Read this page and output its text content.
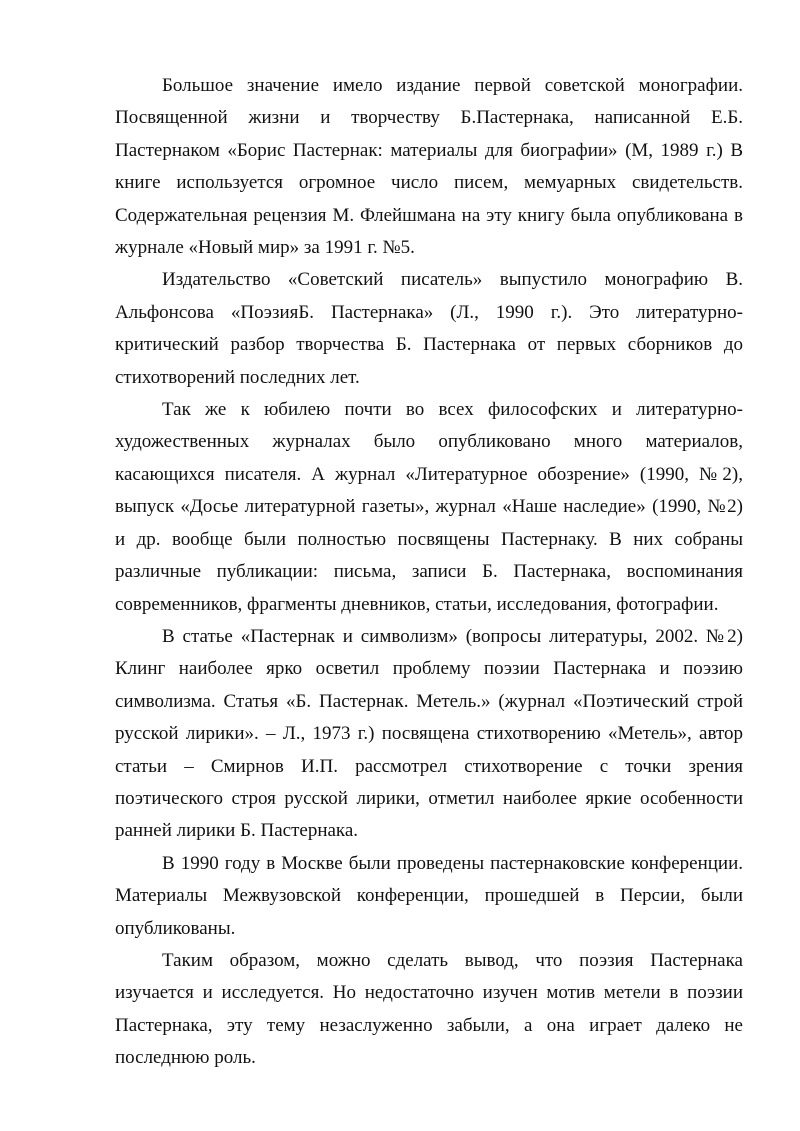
Большое значение имело издание первой советской монографии. Посвященной жизни и творчеству Б.Пастернака, написанной Е.Б. Пастернаком «Борис Пастернак: материалы для биографии» (М, 1989 г.) В книге используется огромное число писем, мемуарных свидетельств. Содержательная рецензия М. Флейшмана на эту книгу была опубликована в журнале «Новый мир» за 1991 г. №5.

Издательство «Советский писатель» выпустило монографию В. Альфонсова «ПоэзияБ. Пастернака» (Л., 1990 г.). Это литературно-критический разбор творчества Б. Пастернака от первых сборников до стихотворений последних лет.

Так же к юбилею почти во всех философских и литературно-художественных журналах было опубликовано много материалов, касающихся писателя. А журнал «Литературное обозрение» (1990, №2), выпуск «Досье литературной газеты», журнал «Наше наследие» (1990, №2) и др. вообще были полностью посвящены Пастернаку. В них собраны различные публикации: письма, записи Б. Пастернака, воспоминания современников, фрагменты дневников, статьи, исследования, фотографии.

В статье «Пастернак и символизм» (вопросы литературы, 2002. №2) Клинг наиболее ярко осветил проблему поэзии Пастернака и поэзию символизма. Статья «Б. Пастернак. Метель.» (журнал «Поэтический строй русской лирики». – Л., 1973 г.) посвящена стихотворению «Метель», автор статьи – Смирнов И.П. рассмотрел стихотворение с точки зрения поэтического строя русской лирики, отметил наиболее яркие особенности ранней лирики Б. Пастернака.

В 1990 году в Москве были проведены пастернаковские конференции. Материалы Межвузовской конференции, прошедшей в Персии, были опубликованы.

Таким образом, можно сделать вывод, что поэзия Пастернака изучается и исследуется. Но недостаточно изучен мотив метели в поэзии Пастернака, эту тему незаслуженно забыли, а она играет далеко не последнюю роль.
